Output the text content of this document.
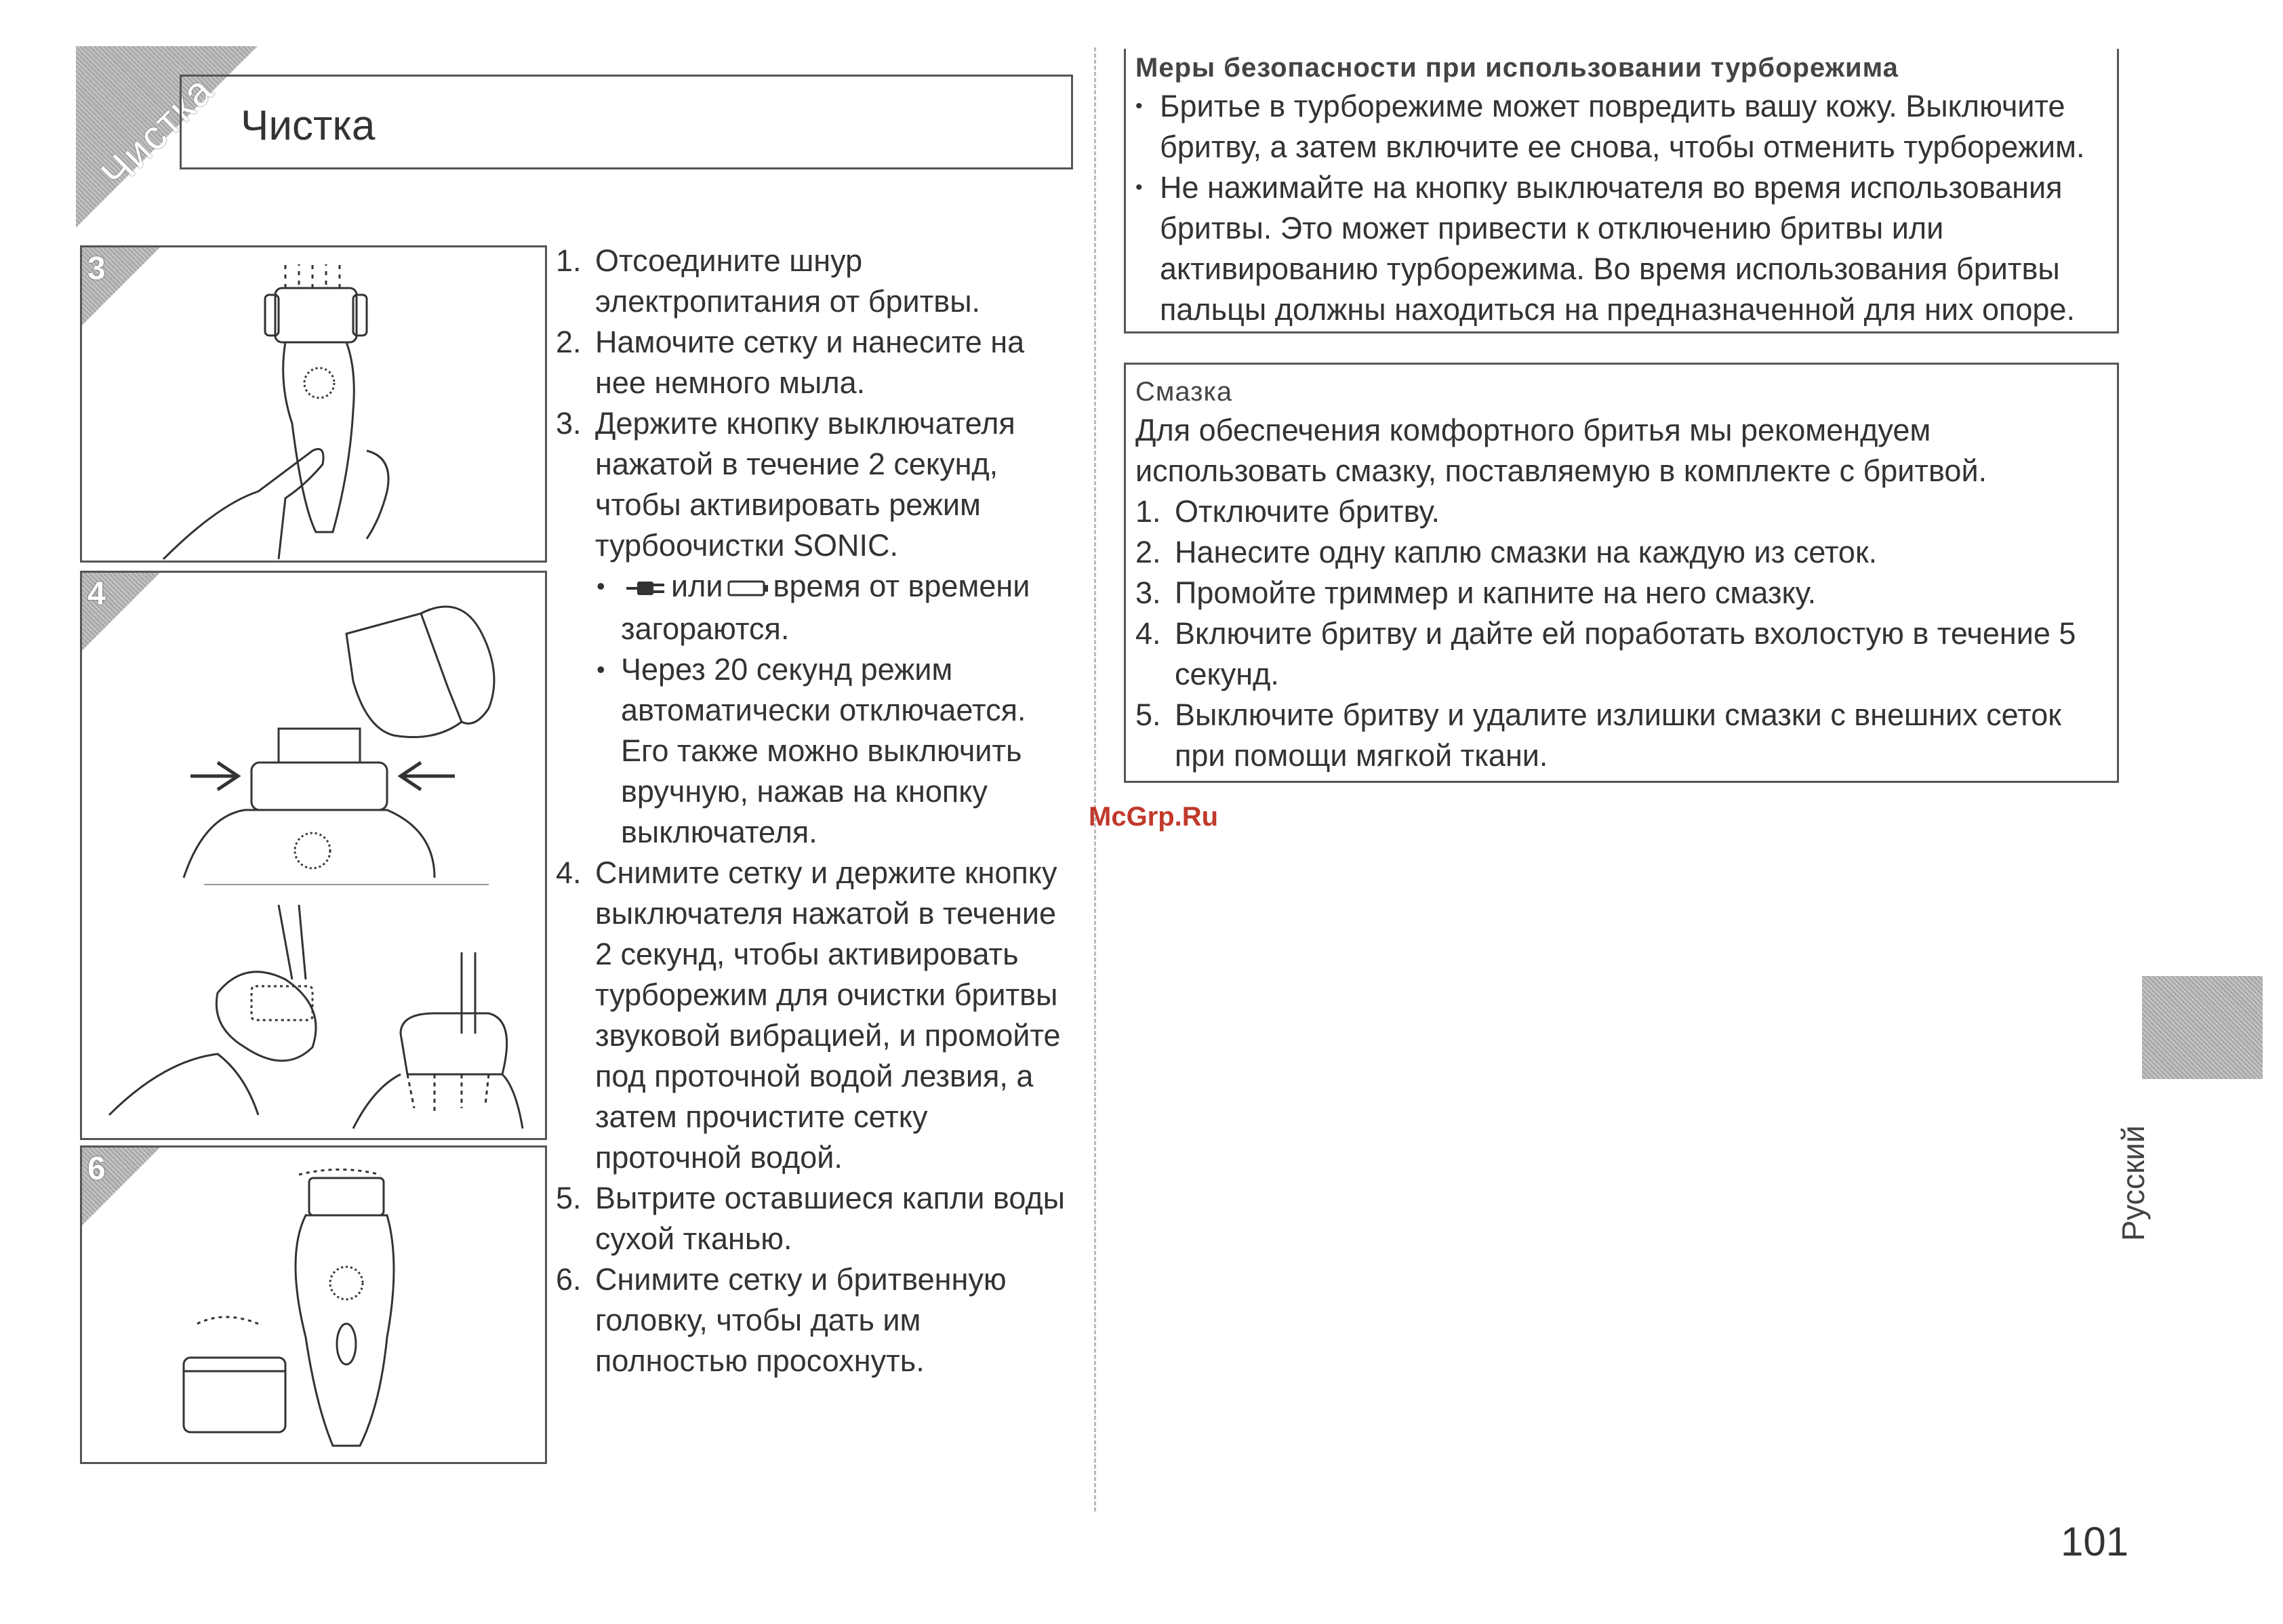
Чистка Чистка
3
4
6
1. Отсоедините шнур электропитания от бритвы.
2. Намочите сетку и нанесите на нее немного мыла.
3. Держите кнопку выключателя нажатой в течение 2 секунд, чтобы активировать режим турбоочистки SONIC.
• или время от времени загораются.
• Через 20 секунд режим автоматически отключается. Его также можно выключить вручную, нажав на кнопку выключателя.
4. Снимите сетку и держите кнопку выключателя нажатой в течение 2 секунд, чтобы активировать турборежим для очистки бритвы звуковой вибрацией, и промойте под проточной водой лезвия, а затем прочистите сетку проточной водой.
5. Вытрите оставшиеся капли воды сухой тканью.
6. Снимите сетку и бритвенную головку, чтобы дать им полностью просохнуть.
Меры безопасности при использовании турборежима
• Бритье в турборежиме может повредить вашу кожу. Выключите бритву, а затем включите ее снова, чтобы отменить турборежим.
• Не нажимайте на кнопку выключателя во время использования бритвы. Это может привести к отключению бритвы или активированию турборежима. Во время использования бритвы пальцы должны находиться на предназначенной для них опоре.
Смазка
Для обеспечения комфортного бритья мы рекомендуем использовать смазку, поставляемую в комплекте с бритвой.
1. Отключите бритву.
2. Нанесите одну каплю смазки на каждую из сеток.
3. Промойте триммер и капните на него смазку.
4. Включите бритву и дайте ей поработать вхолостую в течение 5 секунд.
5. Выключите бритву и удалите излишки смазки с внешних сеток при помощи мягкой ткани.
McGrp.Ru
Русский
101
